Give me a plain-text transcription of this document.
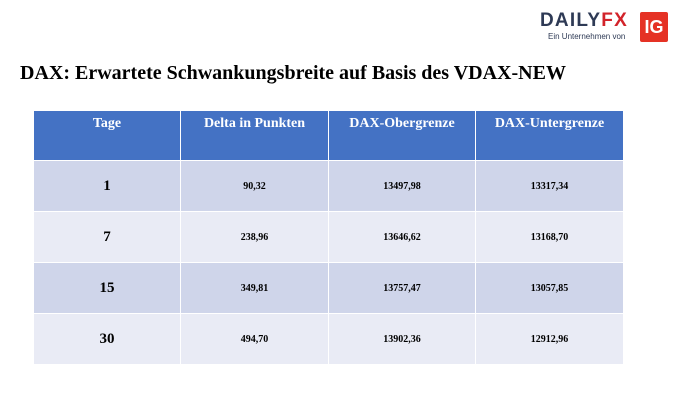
DAILYFX IG
Ein Unternehmen von
DAX: Erwartete Schwankungsbreite auf Basis des VDAX-NEW
Tage	Delta in Punkten	DAX-Obergrenze	DAX-Untergrenze
1	90,32	13497,98	13317,34
7	238,96	13646,62	13168,70
15	349,81	13757,47	13057,85
30	494,70	13902,36	12912,96
